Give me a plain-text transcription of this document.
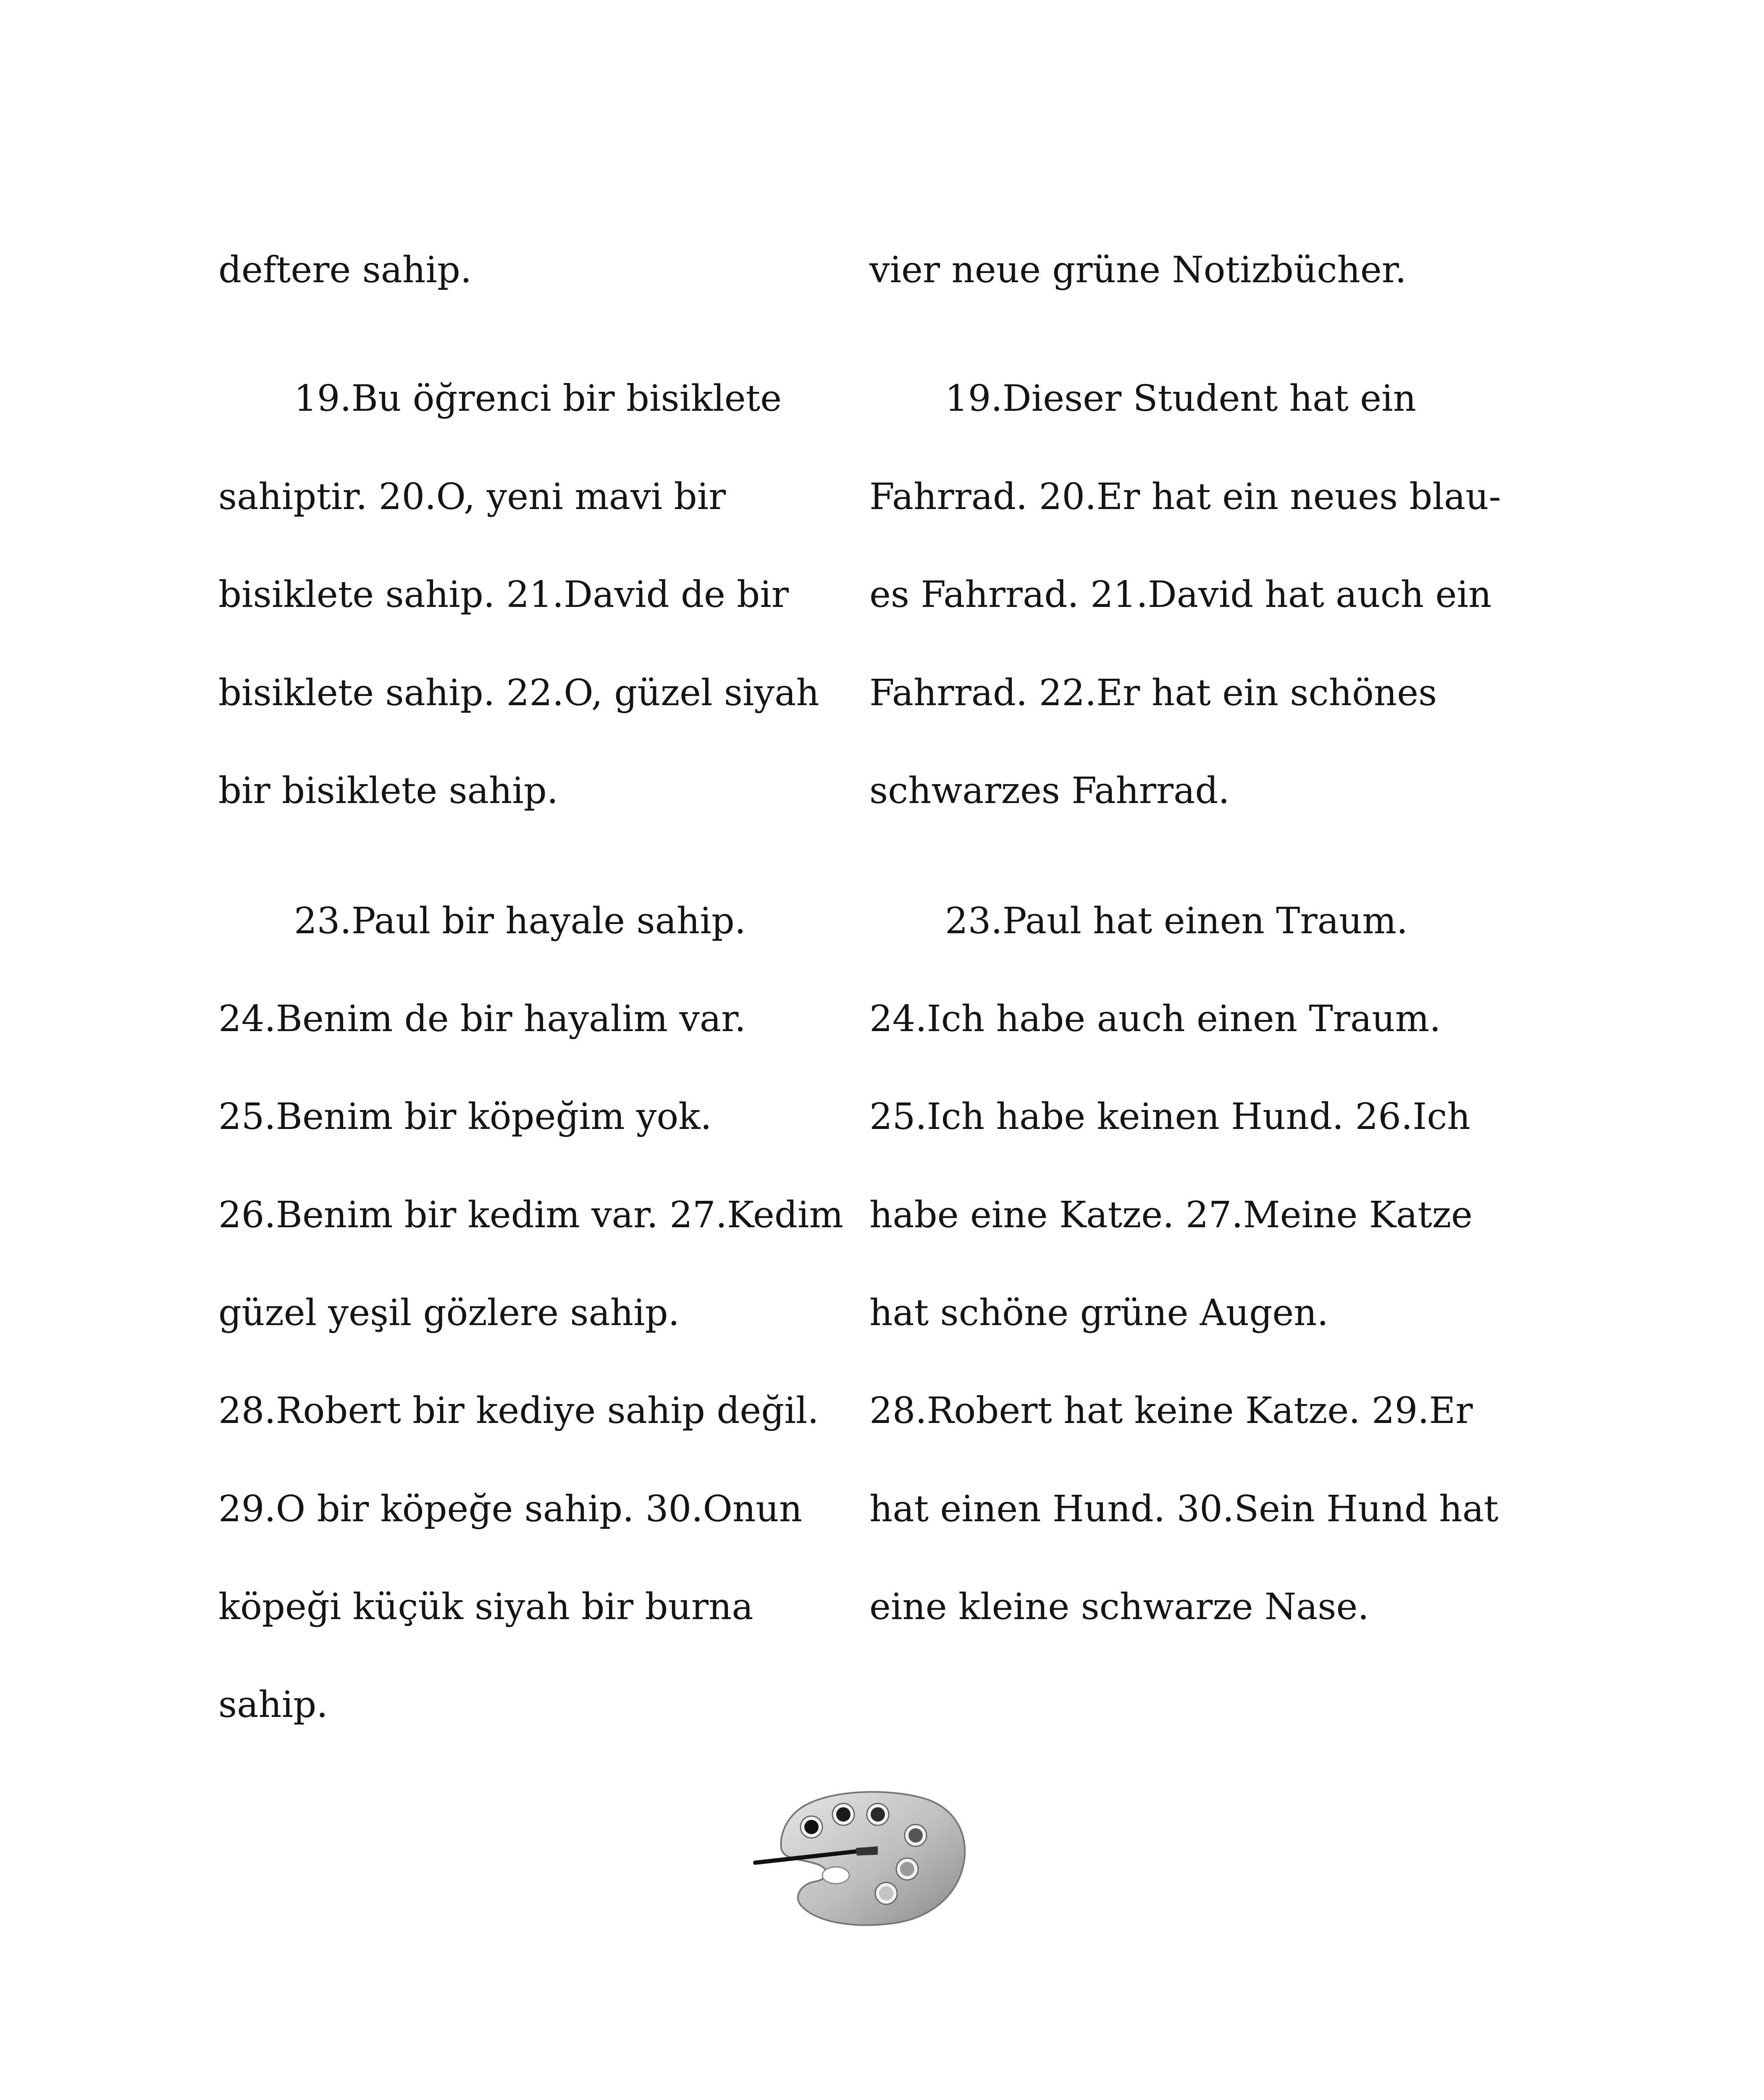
deftere sahip.
19.Bu öğrenci bir bisiklete
sahiptir. 20.O, yeni mavi bir
bisiklete sahip. 21.David de bir
bisiklete sahip. 22.O, güzel siyah
bir bisiklete sahip.
23.Paul bir hayale sahip.
24.Benim de bir hayalim var.
25.Benim bir köpeğim yok.
26.Benim bir kedim var. 27.Kedim
güzel yeşil gözlere sahip.
28.Robert bir kediye sahip değil.
29.O bir köpeğe sahip. 30.Onun
köpeği küçük siyah bir burna
sahip.
vier neue grüne Notizbücher.
19.Dieser Student hat ein
Fahrrad. 20.Er hat ein neues blau-
es Fahrrad. 21.David hat auch ein
Fahrrad. 22.Er hat ein schönes
schwarzes Fahrrad.
23.Paul hat einen Traum.
24.Ich habe auch einen Traum.
25.Ich habe keinen Hund. 26.Ich
habe eine Katze. 27.Meine Katze
hat schöne grüne Augen.
28.Robert hat keine Katze. 29.Er
hat einen Hund. 30.Sein Hund hat
eine kleine schwarze Nase.
